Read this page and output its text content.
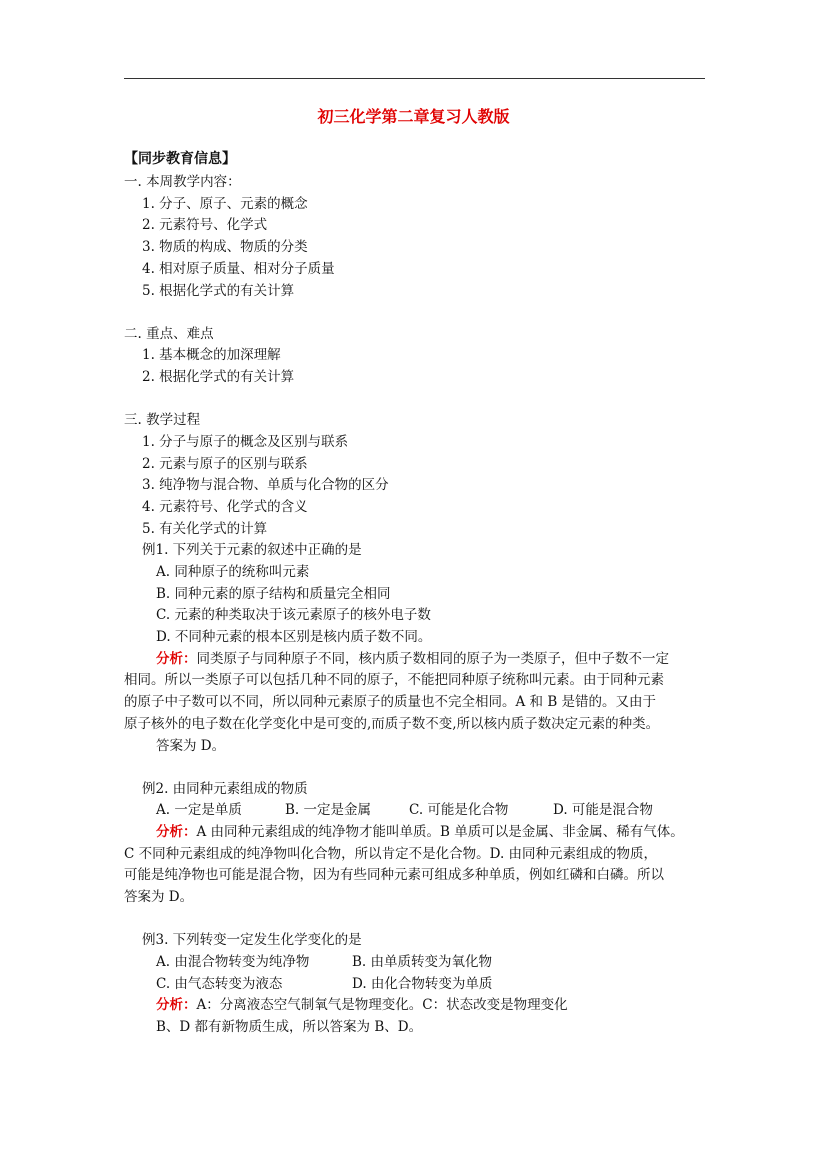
初三化学第二章复习人教版
【同步教育信息】
一. 本周教学内容：
1. 分子、原子、元素的概念
2. 元素符号、化学式
3. 物质的构成、物质的分类
4. 相对原子质量、相对分子质量
5. 根据化学式的有关计算
二. 重点、难点
1. 基本概念的加深理解
2. 根据化学式的有关计算
三. 教学过程
1. 分子与原子的概念及区别与联系
2. 元素与原子的区别与联系
3. 纯净物与混合物、单质与化合物的区分
4. 元素符号、化学式的含义
5. 有关化学式的计算
例1. 下列关于元素的叙述中正确的是
A. 同种原子的统称叫元素
B. 同种元素的原子结构和质量完全相同
C. 元素的种类取决于该元素原子的核外电子数
D. 不同种元素的根本区别是核内质子数不同。
分析：同类原子与同种原子不同，核内质子数相同的原子为一类原子，但中子数不一定
相同。所以一类原子可以包括几种不同的原子，不能把同种原子统称叫元素。由于同种元素
的原子中子数可以不同，所以同种元素原子的质量也不完全相同。A 和 B 是错的。又由于
原子核外的电子数在化学变化中是可变的,而质子数不变,所以核内质子数决定元素的种类。
答案为 D。
例2. 由同种元素组成的物质
A. 一定是单质	B. 一定是金属	C. 可能是化合物	D. 可能是混合物
分析：A 由同种元素组成的纯净物才能叫单质。B 单质可以是金属、非金属、稀有气体。
C 不同种元素组成的纯净物叫化合物，所以肯定不是化合物。D. 由同种元素组成的物质，
可能是纯净物也可能是混合物，因为有些同种元素可组成多种单质，例如红磷和白磷。所以
答案为 D。
例3. 下列转变一定发生化学变化的是
A. 由混合物转变为纯净物	B. 由单质转变为氧化物
C. 由气态转变为液态	D. 由化合物转变为单质
分析：A：分离液态空气制氧气是物理变化。C：状态改变是物理变化
B、D 都有新物质生成，所以答案为 B、D。
